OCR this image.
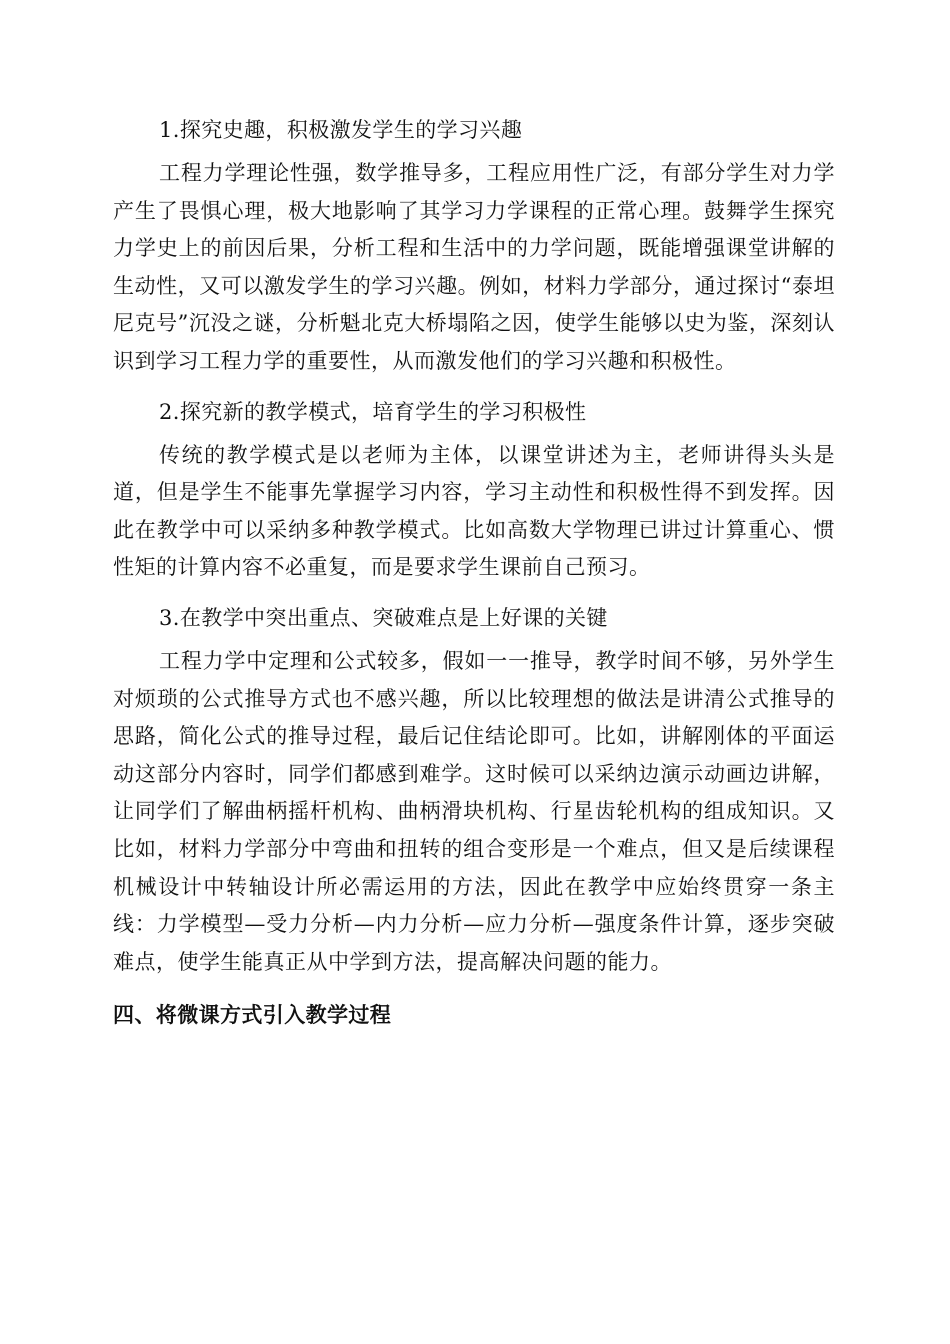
1.探究史趣，积极激发学生的学习兴趣

工程力学理论性强，数学推导多，工程应用性广泛，有部分学生对力学产生了畏惧心理，极大地影响了其学习力学课程的正常心理。鼓舞学生探究力学史上的前因后果，分析工程和生活中的力学问题，既能增强课堂讲解的生动性，又可以激发学生的学习兴趣。例如，材料力学部分，通过探讨“泰坦尼克号”沉没之谜，分析魁北克大桥塌陷之因，使学生能够以史为鉴，深刻认识到学习工程力学的重要性，从而激发他们的学习兴趣和积极性。

2.探究新的教学模式，培育学生的学习积极性

传统的教学模式是以老师为主体，以课堂讲述为主，老师讲得头头是道，但是学生不能事先掌握学习内容，学习主动性和积极性得不到发挥。因此在教学中可以采纳多种教学模式。比如高数大学物理已讲过计算重心、惯性矩的计算内容不必重复，而是要求学生课前自己预习。

3.在教学中突出重点、突破难点是上好课的关键

工程力学中定理和公式较多，假如一一推导，教学时间不够，另外学生对烦琐的公式推导方式也不感兴趣，所以比较理想的做法是讲清公式推导的思路，简化公式的推导过程，最后记住结论即可。比如，讲解刚体的平面运动这部分内容时，同学们都感到难学。这时候可以采纳边演示动画边讲解，让同学们了解曲柄摇杆机构、曲柄滑块机构、行星齿轮机构的组成知识。又比如，材料力学部分中弯曲和扭转的组合变形是一个难点，但又是后续课程机械设计中转轴设计所必需运用的方法，因此在教学中应始终贯穿一条主线：力学模型—受力分析—内力分析—应力分析—强度条件计算，逐步突破难点，使学生能真正从中学到方法，提高解决问题的能力。

四、将微课方式引入教学过程
